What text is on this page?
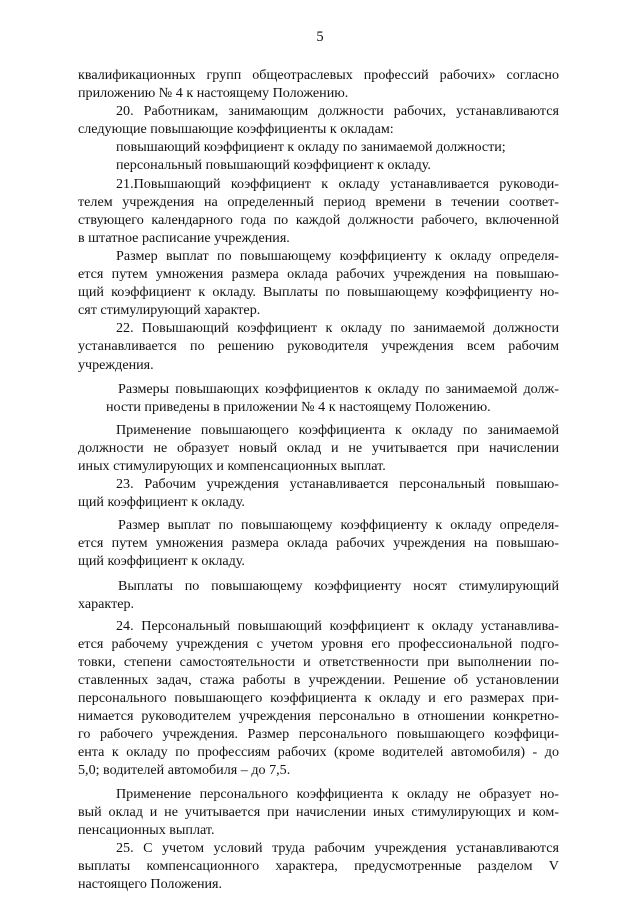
5
квалификационных групп общеотраслевых профессий рабочих» согласно
приложению № 4 к настоящему Положению.
20. Работникам, занимающим должности рабочих, устанавливаются
следующие повышающие коэффициенты к окладам:
повышающий коэффициент к окладу по занимаемой должности;
персональный повышающий коэффициент к окладу.
21.Повышающий коэффициент к окладу устанавливается руководи-
телем учреждения на определенный период времени в течении соответ-
ствующего календарного года по каждой должности рабочего, включенной
в штатное расписание учреждения.
Размер выплат по повышающему коэффициенту к окладу определя-
ется путем умножения размера оклада рабочих учреждения на повышаю-
щий коэффициент к окладу. Выплаты по повышающему коэффициенту но-
сят стимулирующий характер.
22. Повышающий коэффициент к окладу по занимаемой должности
устанавливается по решению руководителя учреждения всем рабочим
учреждения.
Размеры повышающих коэффициентов к окладу по занимаемой долж-
ности приведены в приложении № 4 к настоящему Положению.
Применение повышающего коэффициента к окладу по занимаемой
должности не образует новый оклад и не учитывается при начислении
иных стимулирующих и компенсационных выплат.
23. Рабочим учреждения устанавливается персональный повышаю-
щий коэффициент к окладу.
Размер выплат по повышающему коэффициенту к окладу определя-
ется путем умножения размера оклада рабочих учреждения на повышаю-
щий коэффициент к окладу.
Выплаты по повышающему коэффициенту носят стимулирующий
характер.
24. Персональный повышающий коэффициент к окладу устанавлива-
ется рабочему учреждения с учетом уровня его профессиональной подго-
товки, степени самостоятельности и ответственности при выполнении по-
ставленных задач, стажа работы в учреждении. Решение об установлении
персонального повышающего коэффициента к окладу и его размерах при-
нимается руководителем учреждения персонально в отношении конкретно-
го рабочего учреждения. Размер персонального повышающего коэффици-
ента к окладу по профессиям рабочих (кроме водителей автомобиля) - до
5,0; водителей автомобиля – до 7,5.
Применение персонального коэффициента к окладу не образует но-
вый оклад и не учитывается при начислении иных стимулирующих и ком-
пенсационных выплат.
25. С учетом условий труда рабочим учреждения устанавливаются
выплаты компенсационного характера, предусмотренные разделом V
настоящего Положения.
